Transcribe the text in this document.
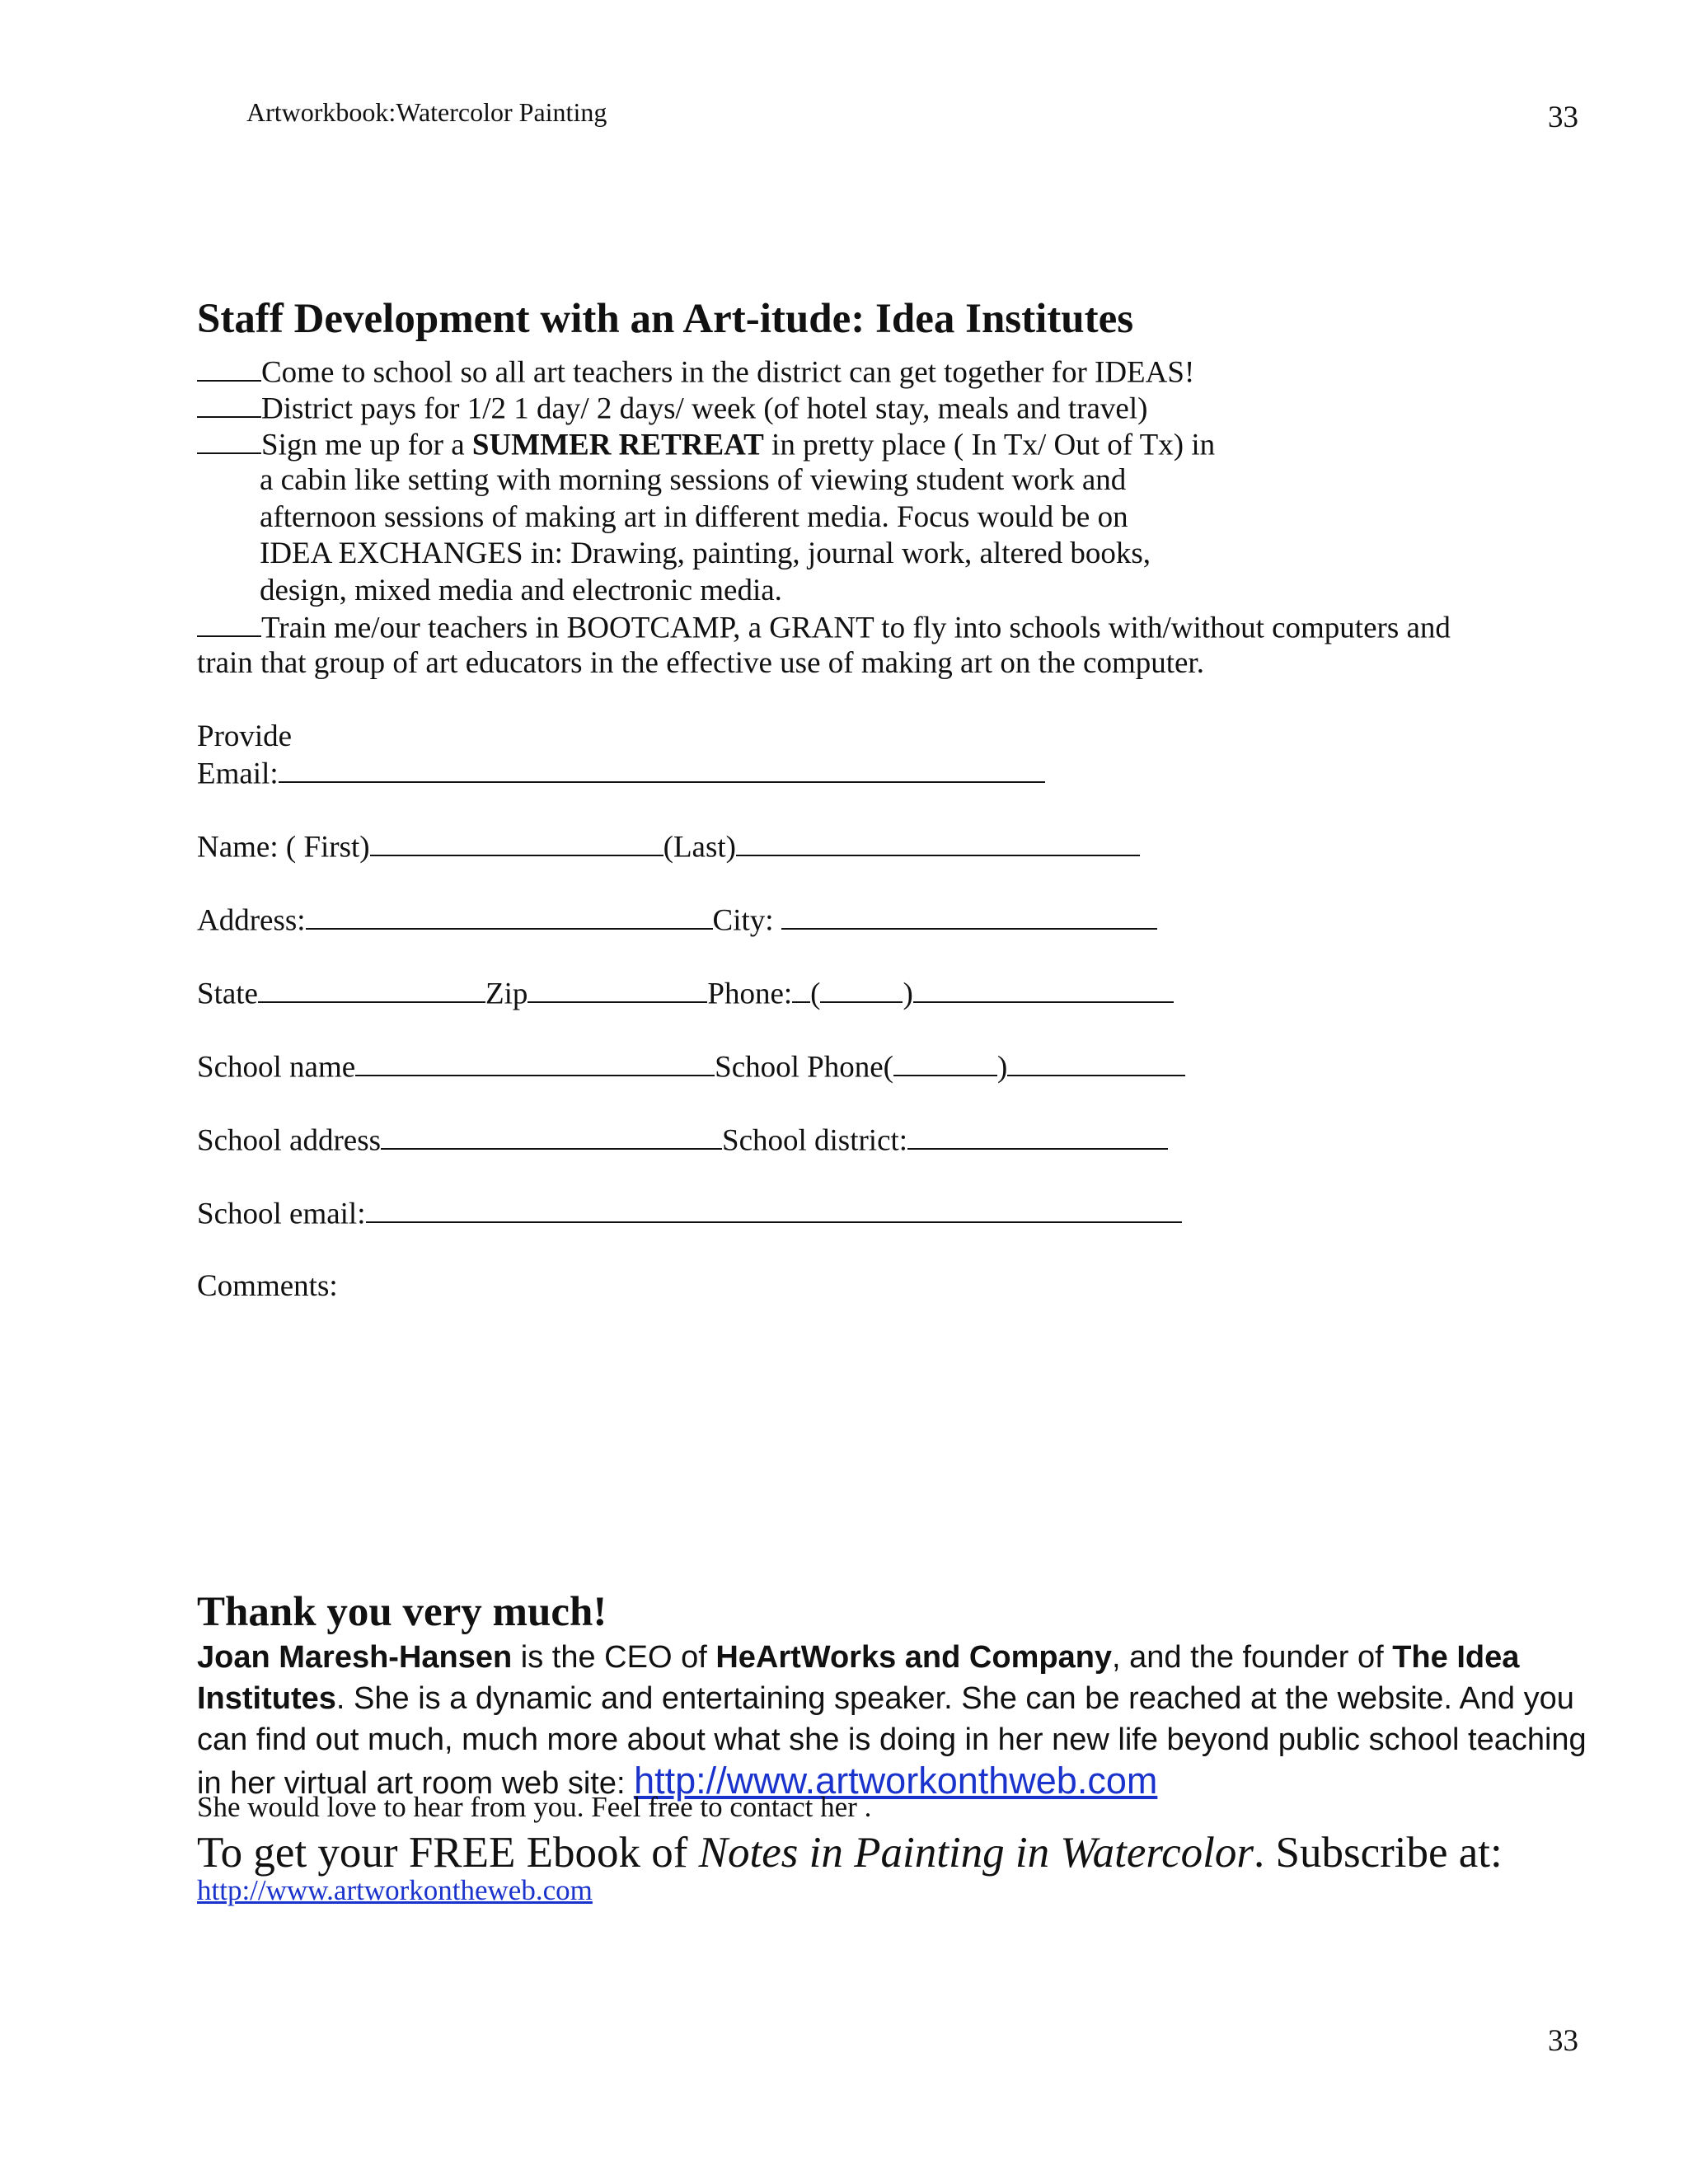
Artworkbook:Watercolor Painting	33
Staff Development with an Art-itude: Idea Institutes
Come to school so all art teachers in the district can get together for IDEAS!
District pays for 1/2 1 day/ 2 days/ week (of hotel stay, meals and travel)
Sign me up for a SUMMER RETREAT in pretty place ( In Tx/ Out of Tx) in
a cabin like setting with morning sessions of viewing student work and
afternoon sessions of making art in different media. Focus would be on
IDEA EXCHANGES in: Drawing, painting, journal work, altered books,
design, mixed media and electronic media.
Train me/our teachers in BOOTCAMP, a GRANT to fly into schools with/without computers and
train that group of art educators in the effective use of making art on the computer.
Provide
Email:
Name: ( First)	(Last)
Address:	City:
State	Zip	Phone: (	)
School name	School Phone(	)
School address	School district:
School email:
Comments:
Thank you very much!
Joan Maresh-Hansen is the CEO of HeArtWorks and Company, and the founder of The Idea Institutes. She is a dynamic and entertaining speaker. She can be reached at the website. And you can find out much, much more about what she is doing in her new life beyond public school teaching in her virtual art room web site: http://www.artworkonthweb.com
She would love to hear from you. Feel free to contact her .
To get your FREE Ebook of Notes in Painting in Watercolor. Subscribe at:
http://www.artworkontheweb.com
33
